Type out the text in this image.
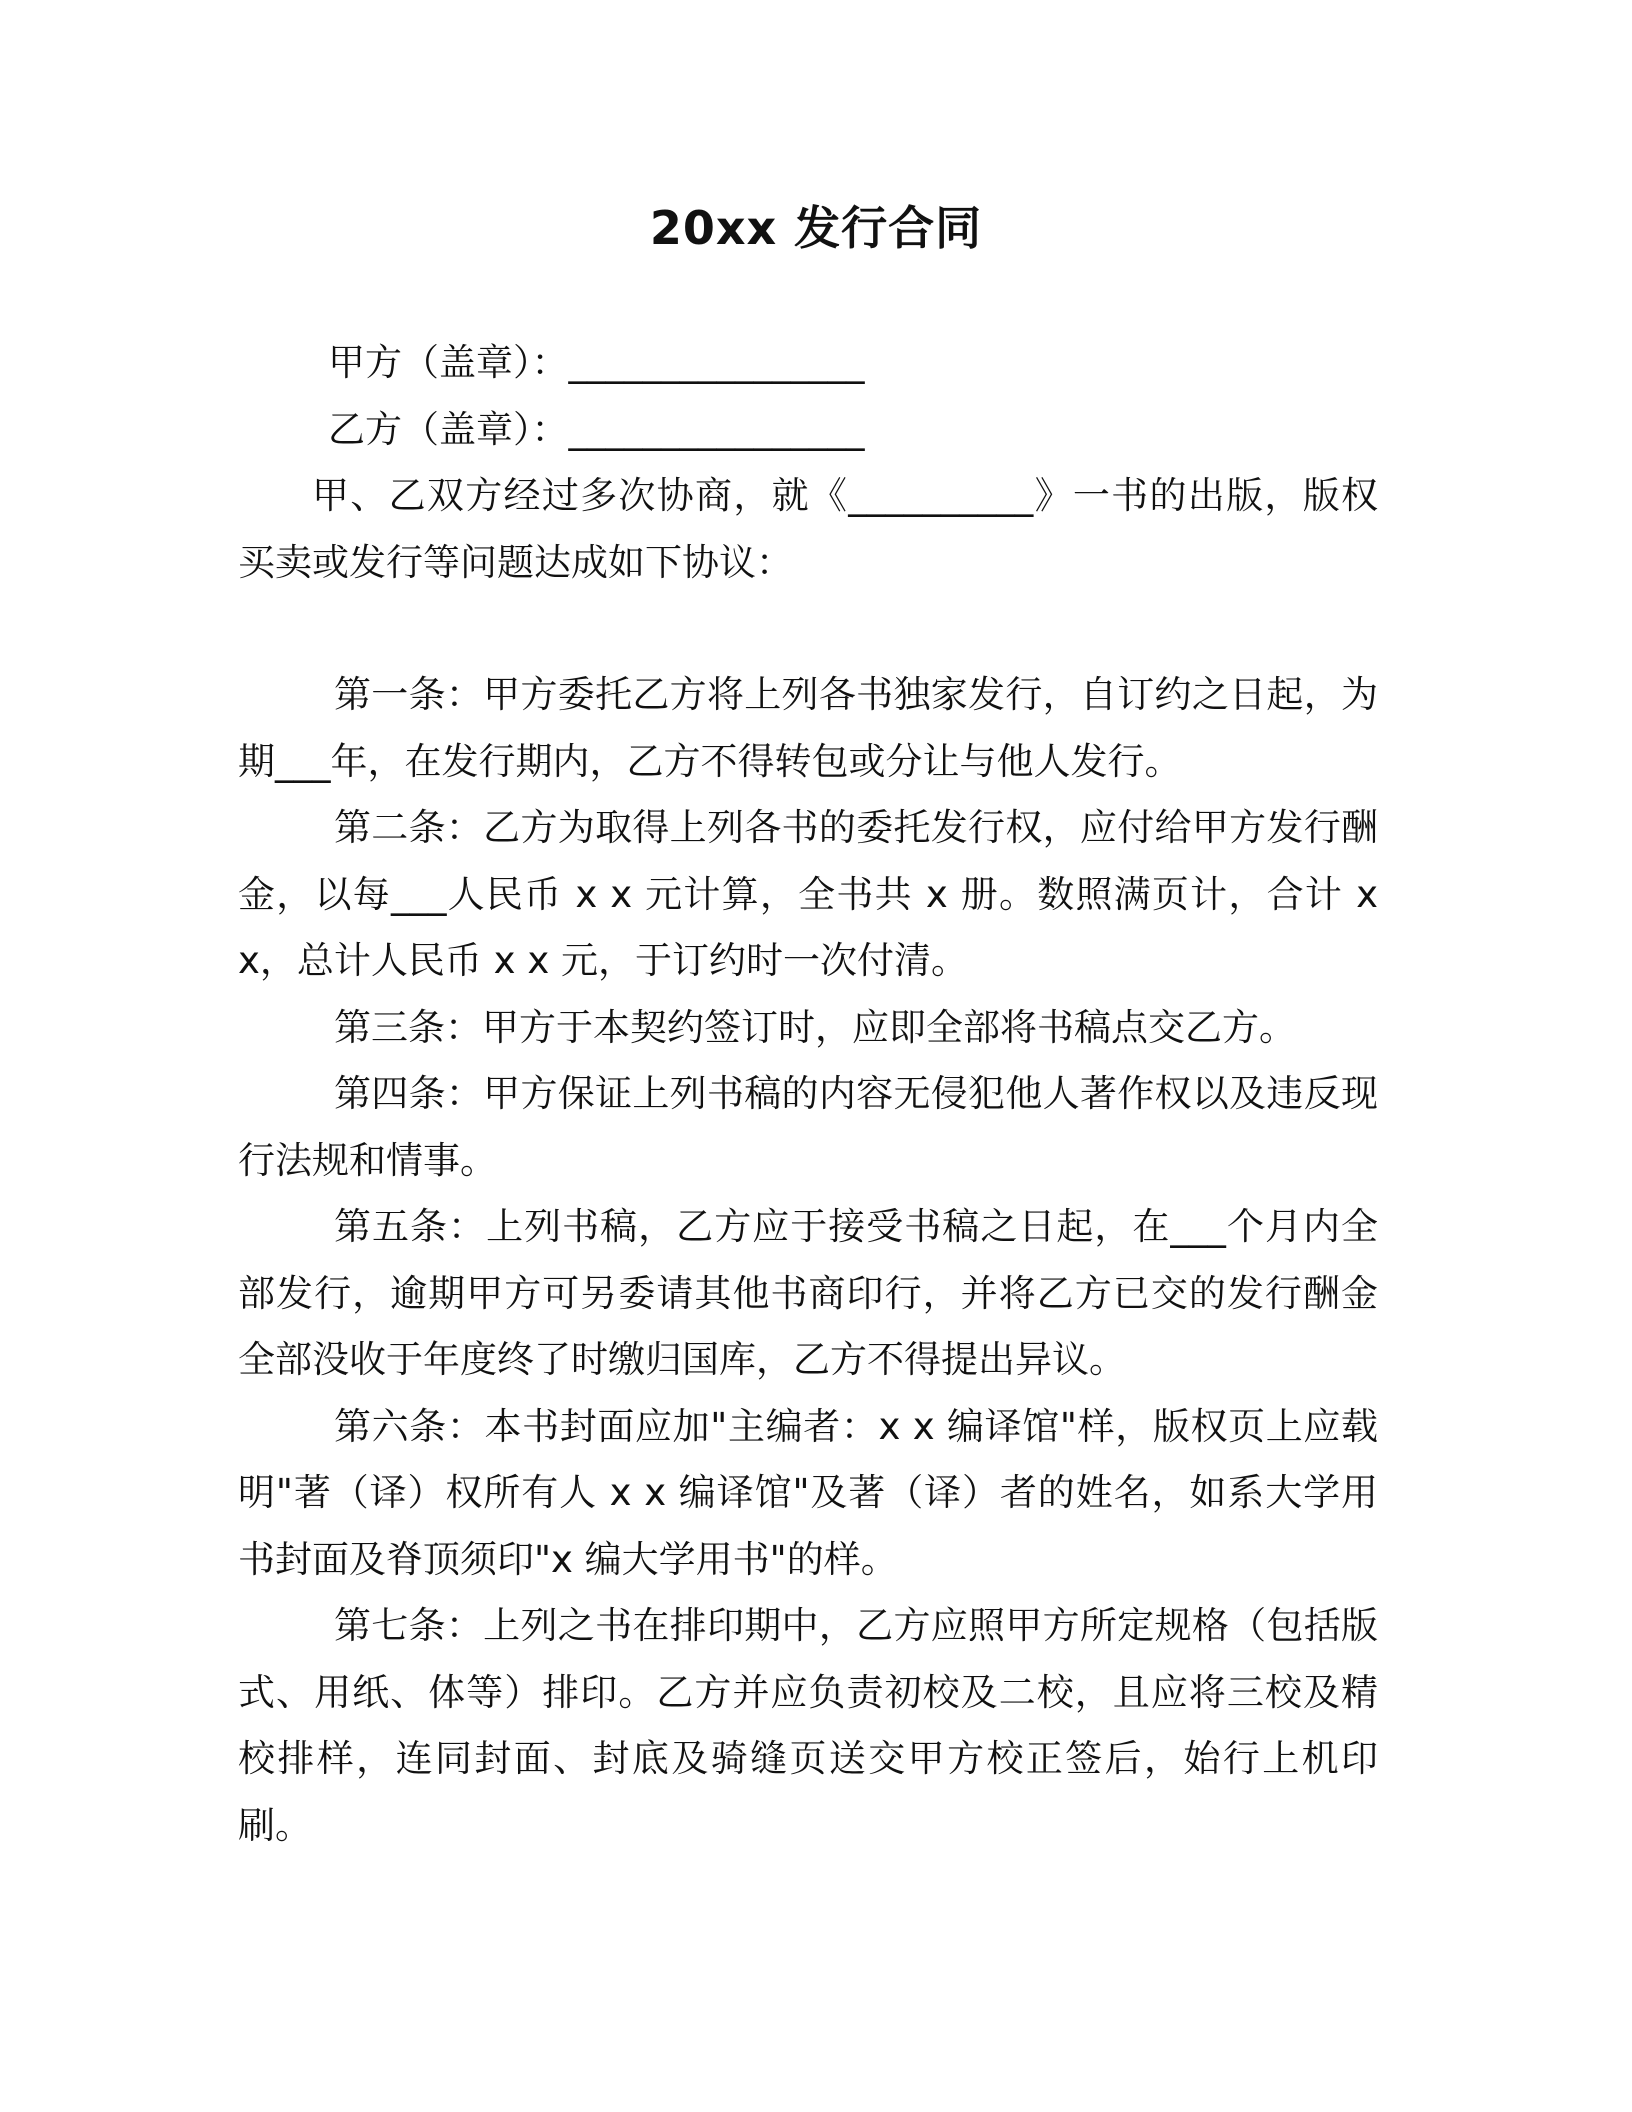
20xx 发行合同

甲方（盖章）：________________

乙方（盖章）：________________

甲、乙双方经过多次协商，就《__________》一书的出版，版权买卖或发行等问题达成如下协议：

第一条：甲方委托乙方将上列各书独家发行，自订约之日起，为期___年，在发行期内，乙方不得转包或分让与他人发行。

第二条：乙方为取得上列各书的委托发行权，应付给甲方发行酬金，以每___人民币 x x 元计算，全书共 x 册。数照满页计，合计 x x，总计人民币 x x 元，于订约时一次付清。

第三条：甲方于本契约签订时，应即全部将书稿点交乙方。

第四条：甲方保证上列书稿的内容无侵犯他人著作权以及违反现行法规和情事。

第五条：上列书稿，乙方应于接受书稿之日起，在___个月内全部发行，逾期甲方可另委请其他书商印行，并将乙方已交的发行酬金全部没收于年度终了时缴归国库，乙方不得提出异议。

第六条：本书封面应加"主编者：x x 编译馆"样，版权页上应载明"著（译）权所有人 x x 编译馆"及著（译）者的姓名，如系大学用书封面及脊顶须印"x 编大学用书"的样。

第七条：上列之书在排印期中，乙方应照甲方所定规格（包括版式、用纸、体等）排印。乙方并应负责初校及二校，且应将三校及精校排样，连同封面、封底及骑缝页送交甲方校正签后，始行上机印刷。
